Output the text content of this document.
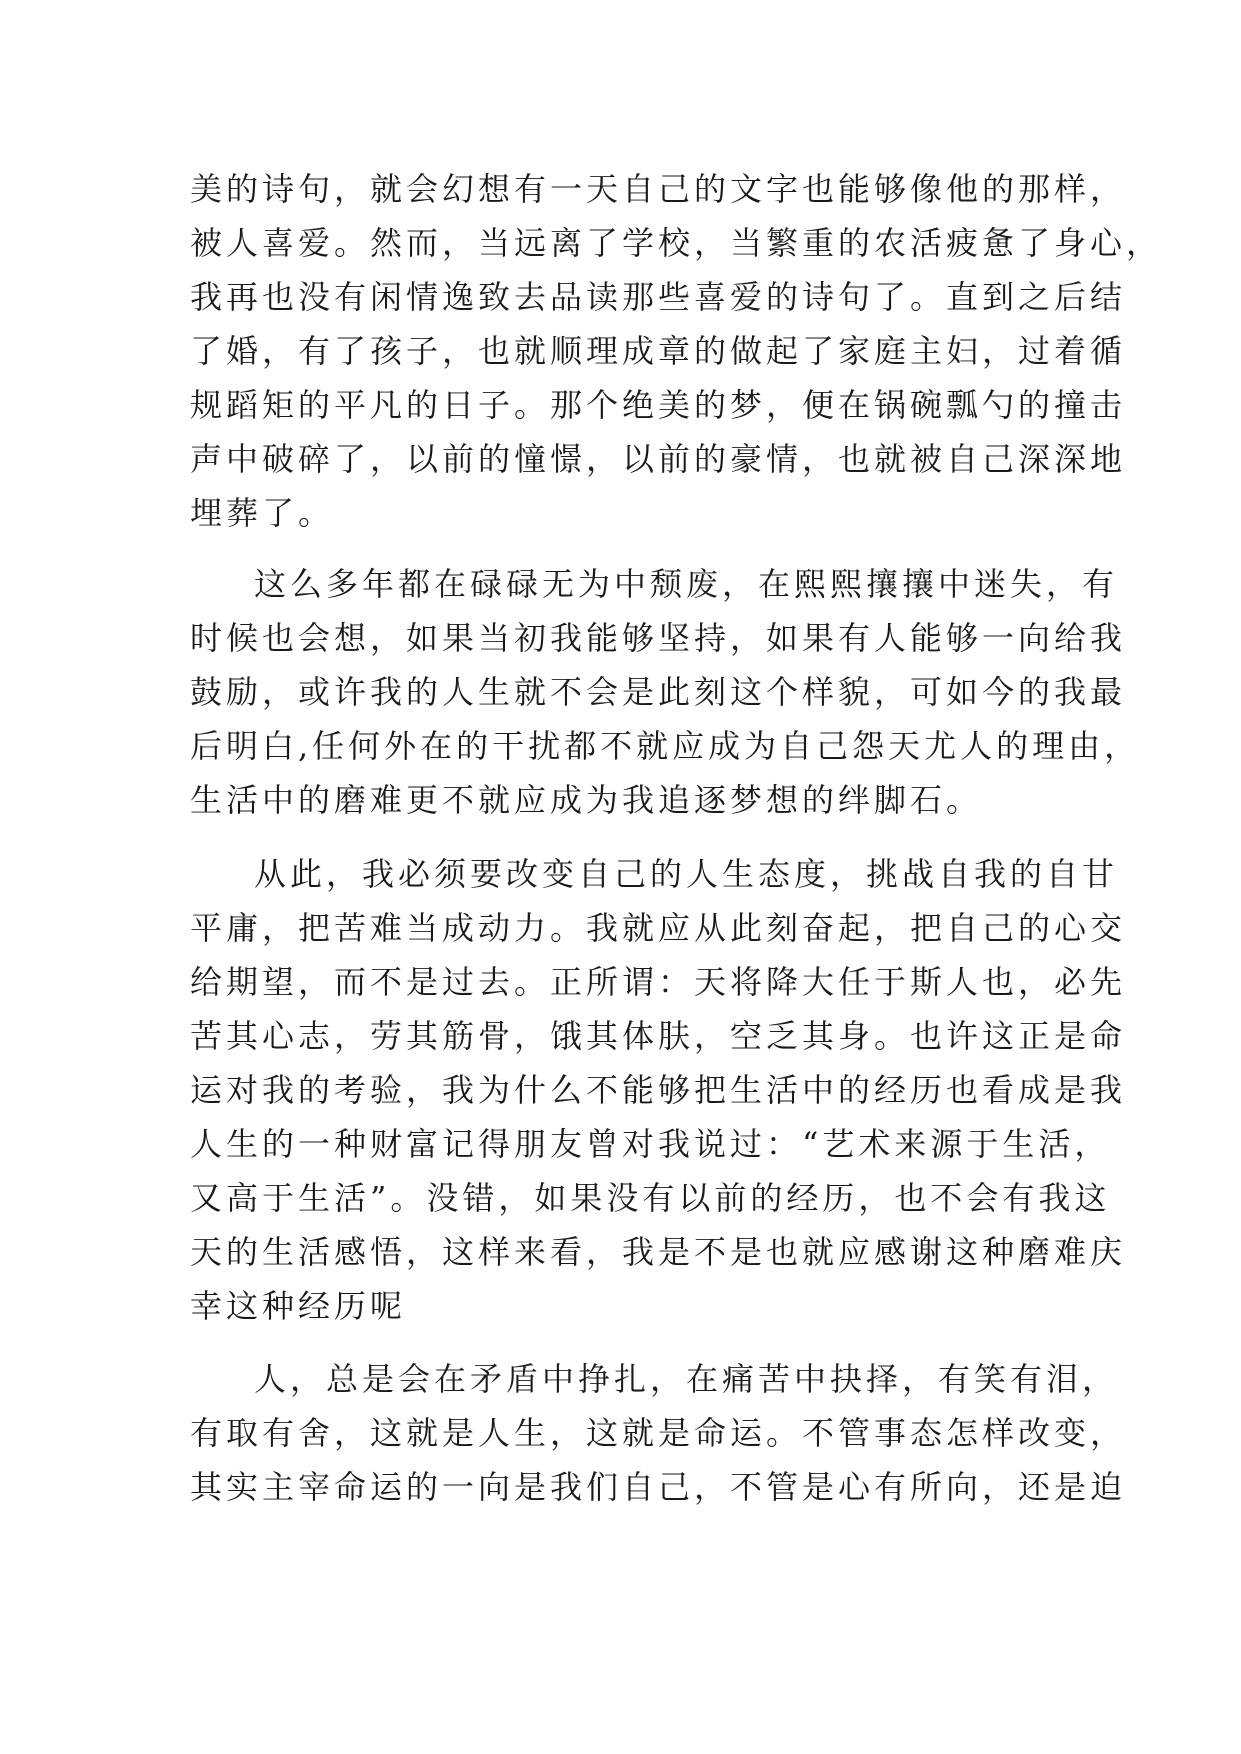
美的诗句，就会幻想有一天自己的文字也能够像他的那样，
被人喜爱。然而，当远离了学校，当繁重的农活疲惫了身心，
我再也没有闲情逸致去品读那些喜爱的诗句了。直到之后结
了婚，有了孩子，也就顺理成章的做起了家庭主妇，过着循
规蹈矩的平凡的日子。那个绝美的梦，便在锅碗瓢勺的撞击
声中破碎了，以前的憧憬，以前的豪情，也就被自己深深地
埋葬了。
这么多年都在碌碌无为中颓废，在熙熙攘攘中迷失，有
时候也会想，如果当初我能够坚持，如果有人能够一向给我
鼓励，或许我的人生就不会是此刻这个样貌，可如今的我最
后明白,任何外在的干扰都不就应成为自己怨天尤人的理由，
生活中的磨难更不就应成为我追逐梦想的绊脚石。
从此，我必须要改变自己的人生态度，挑战自我的自甘
平庸，把苦难当成动力。我就应从此刻奋起，把自己的心交
给期望，而不是过去。正所谓：天将降大任于斯人也，必先
苦其心志，劳其筋骨，饿其体肤，空乏其身。也许这正是命
运对我的考验，我为什么不能够把生活中的经历也看成是我
人生的一种财富记得朋友曾对我说过：“艺术来源于生活，
又高于生活”。没错，如果没有以前的经历，也不会有我这
天的生活感悟，这样来看，我是不是也就应感谢这种磨难庆
幸这种经历呢
人，总是会在矛盾中挣扎，在痛苦中抉择，有笑有泪，
有取有舍，这就是人生，这就是命运。不管事态怎样改变，
其实主宰命运的一向是我们自己，不管是心有所向，还是迫
